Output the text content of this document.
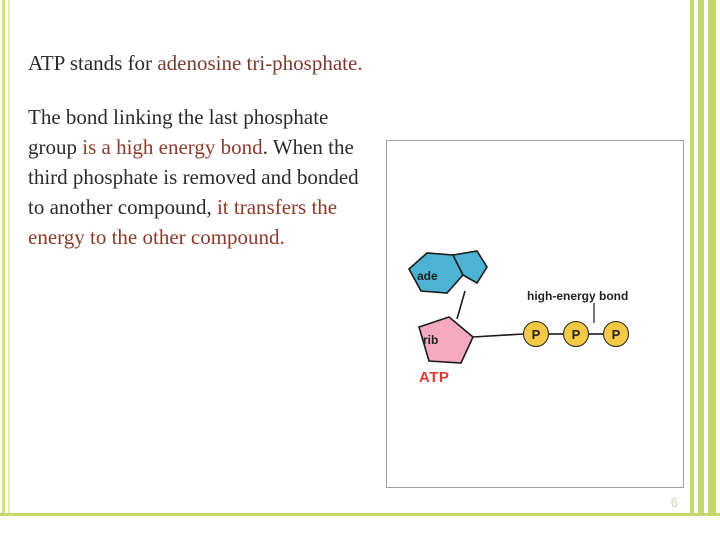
ATP stands for adenosine tri-phosphate.
The bond linking the last phosphate group is a high energy bond. When the third phosphate is removed and bonded to another compound, it transfers the energy to the other compound.
ade
rib
ATP
high-energy bond
P	P	P
6
